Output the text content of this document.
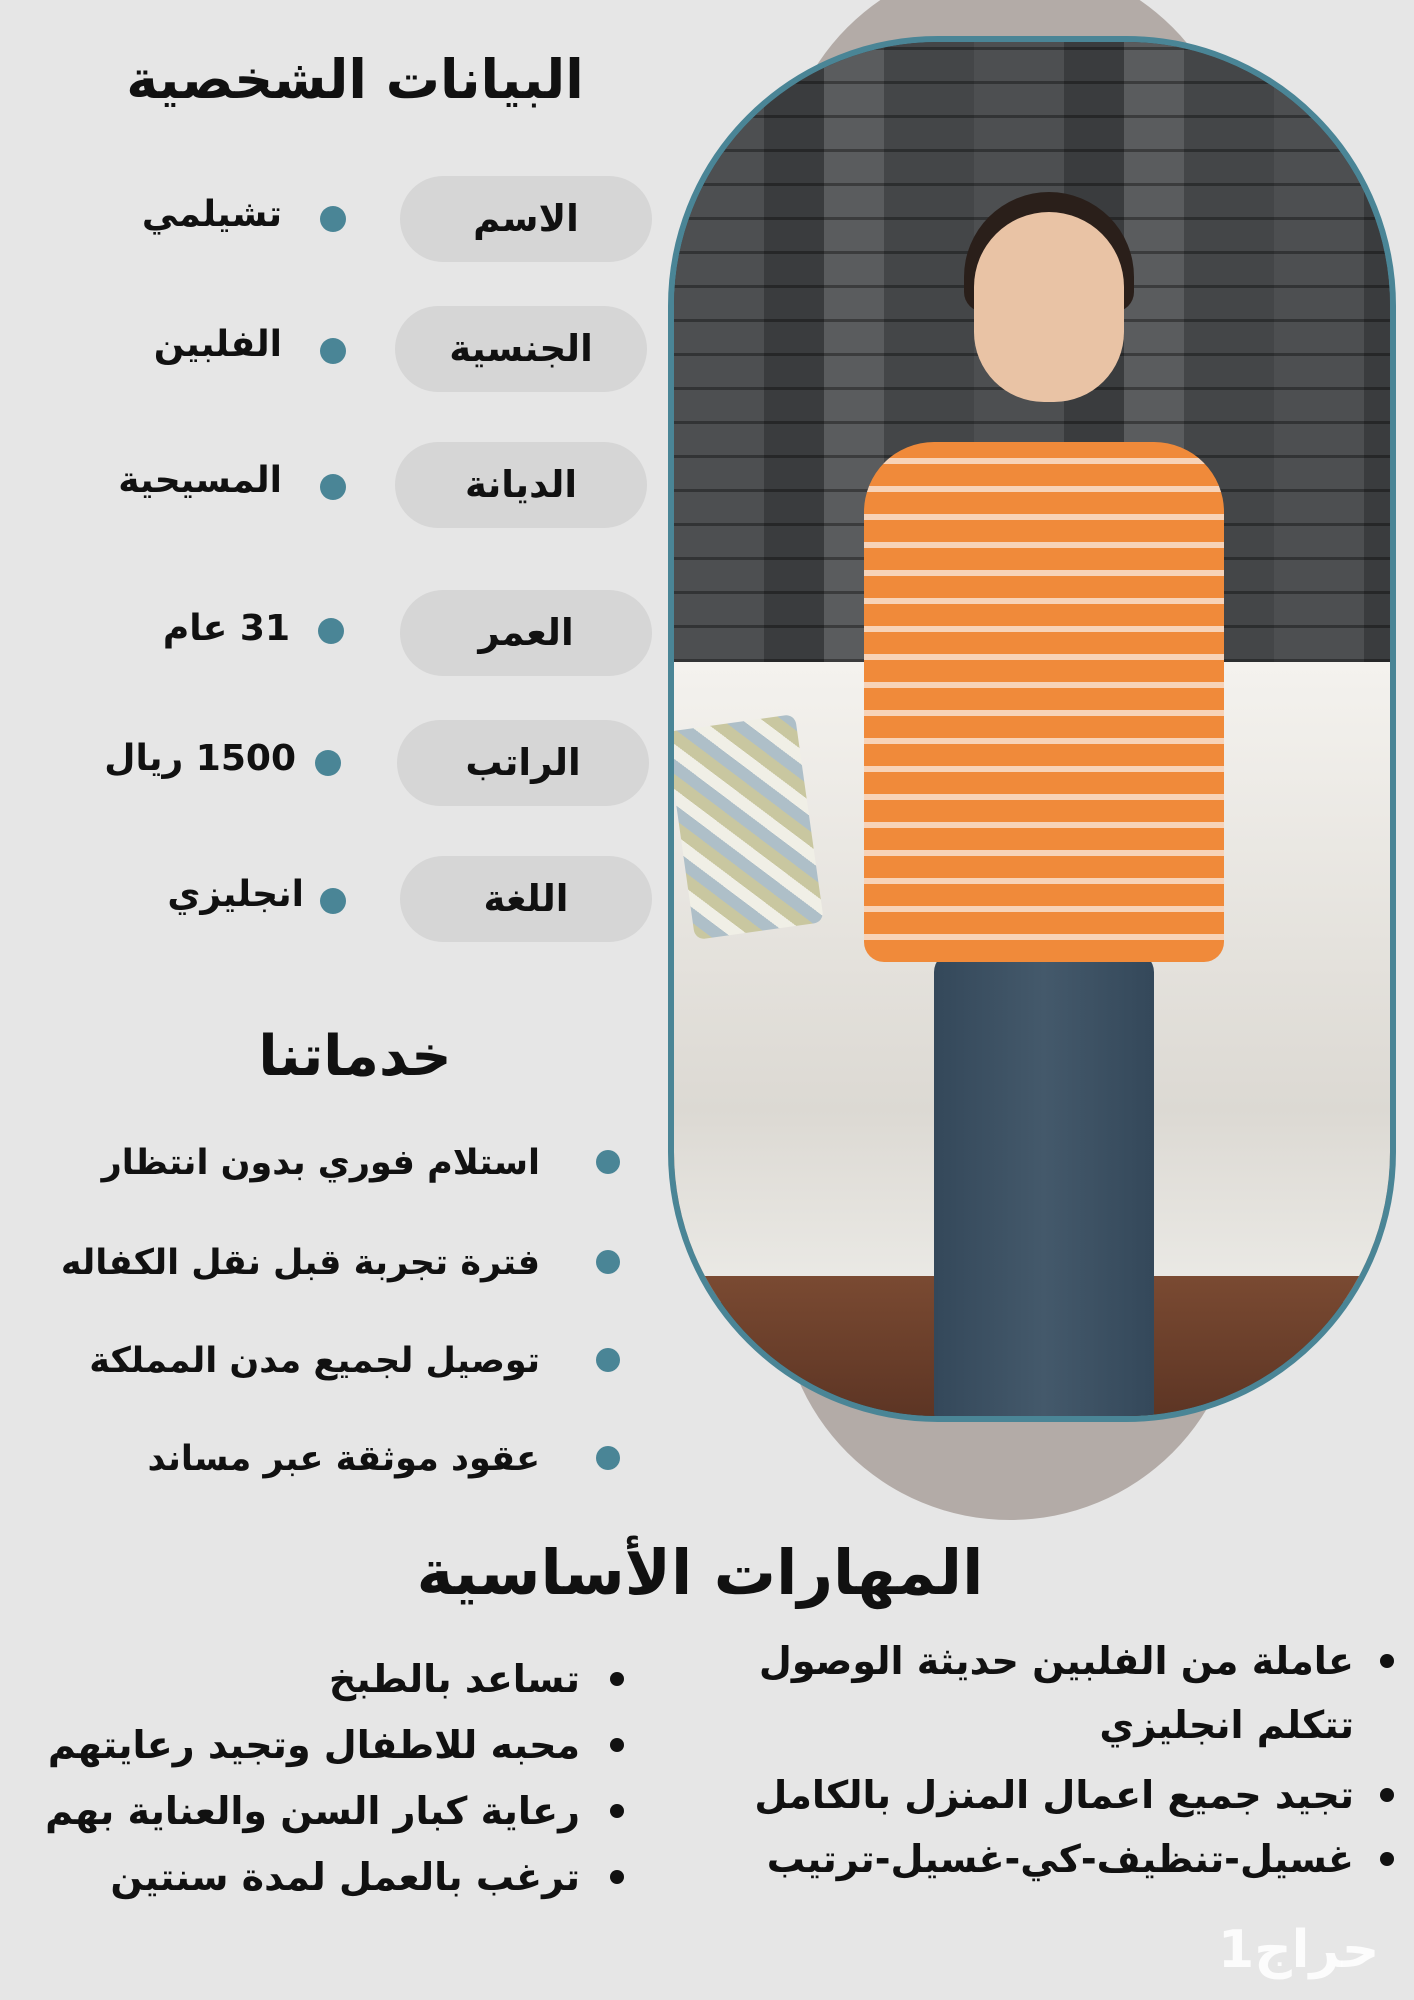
البيانات الشخصية
الاسم
تشيلمي
الجنسية
الفلبين
الديانة
المسيحية
العمر
31 عام
الراتب
1500 ريال
اللغة
انجليزي
خدماتنا
استلام فوري بدون انتظار
فترة تجربة قبل نقل الكفاله
توصيل لجميع مدن المملكة
عقود موثقة عبر مساند
المهارات الأساسية
عاملة من الفلبين حديثة الوصول
تتكلم انجليزي
تجيد جميع اعمال المنزل بالكامل
غسيل-تنظيف-كي-غسيل-ترتيب
تساعد بالطبخ
محبه للاطفال وتجيد رعايتهم
رعاية كبار السن والعناية بهم
ترغب بالعمل لمدة سنتين
حراج1
